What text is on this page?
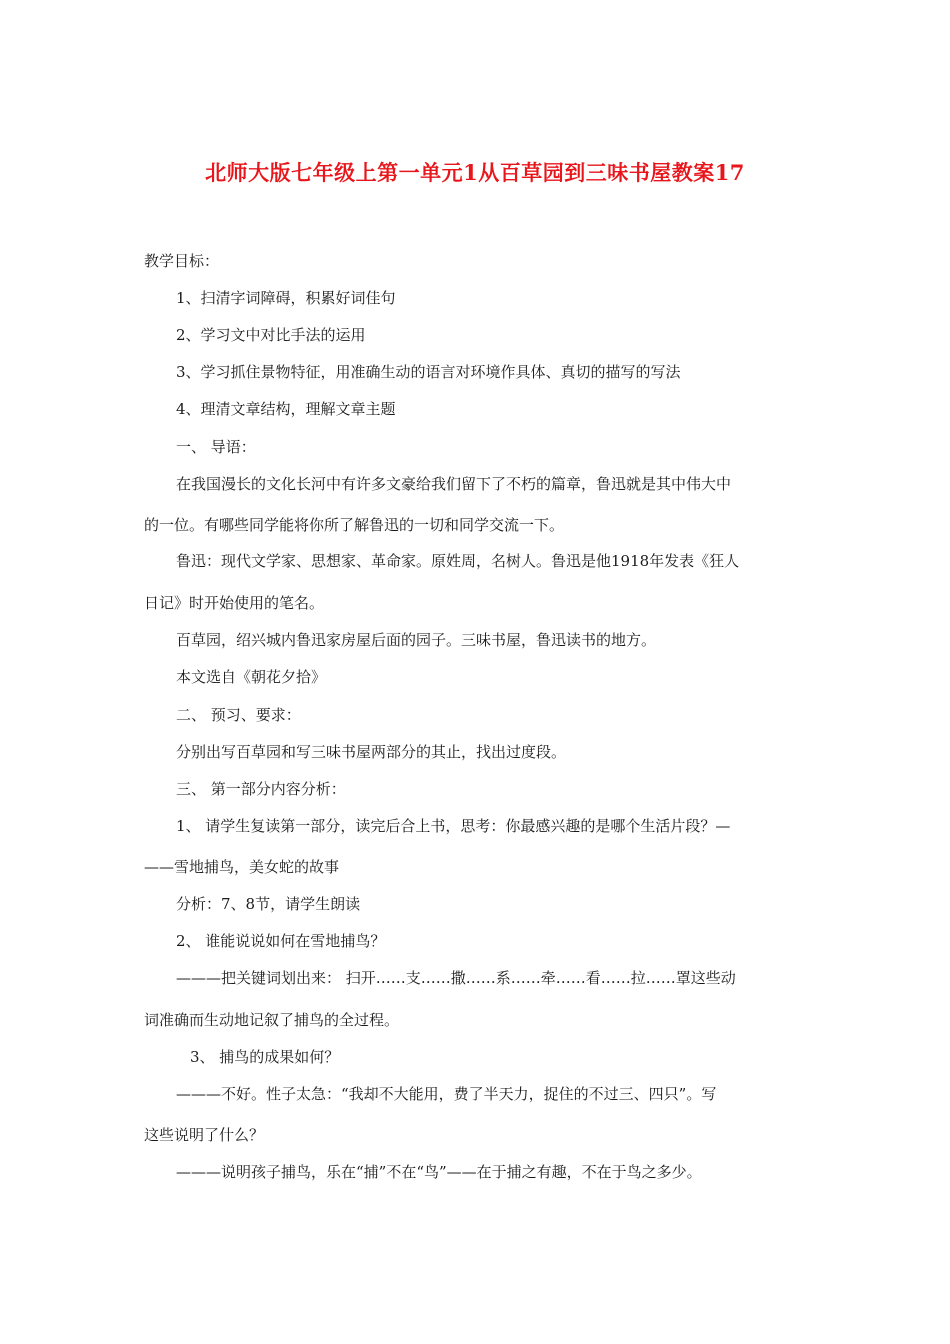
北师大版七年级上第一单元1从百草园到三味书屋教案17
教学目标：
1、扫清字词障碍，积累好词佳句
2、学习文中对比手法的运用
3、学习抓住景物特征，用准确生动的语言对环境作具体、真切的描写的写法
4、理清文章结构，理解文章主题
一、 导语：
在我国漫长的文化长河中有许多文豪给我们留下了不朽的篇章，鲁迅就是其中伟大中
的一位。有哪些同学能将你所了解鲁迅的一切和同学交流一下。
鲁迅：现代文学家、思想家、革命家。原姓周，名树人。鲁迅是他1918年发表《狂人
日记》时开始使用的笔名。
百草园，绍兴城内鲁迅家房屋后面的园子。三味书屋，鲁迅读书的地方。
本文选自《朝花夕拾》
二、 预习、要求：
分别出写百草园和写三味书屋两部分的其止，找出过度段。
三、 第一部分内容分析：
1、 请学生复读第一部分，读完后合上书，思考：你最感兴趣的是哪个生活片段？—
——雪地捕鸟，美女蛇的故事
分析：7、8节，请学生朗读
2、 谁能说说如何在雪地捕鸟？
———把关键词划出来： 扫开……支……撒……系……牵……看……拉……罩这些动
词准确而生动地记叙了捕鸟的全过程。
3、 捕鸟的成果如何？
———不好。性子太急：“我却不大能用，费了半天力，捉住的不过三、四只”。写
这些说明了什么？
———说明孩子捕鸟，乐在“捕”不在“鸟”——在于捕之有趣，不在于鸟之多少。
